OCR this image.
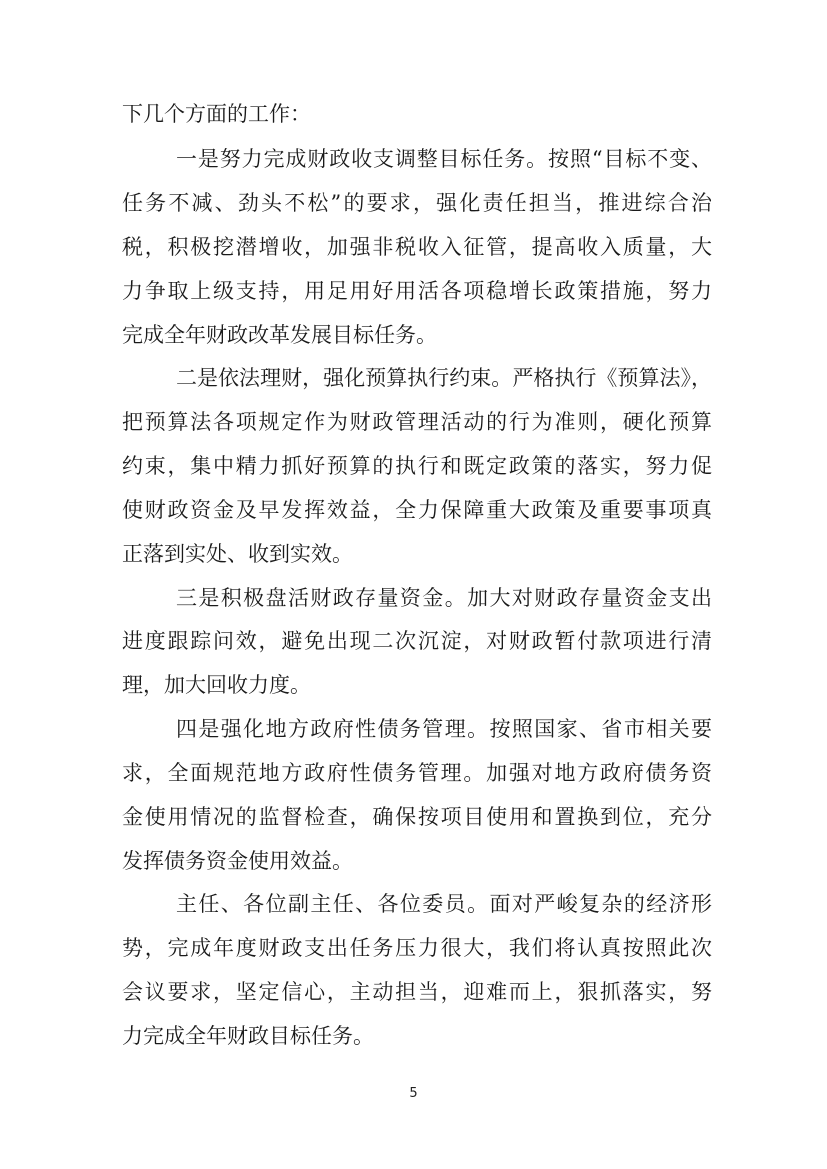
下几个方面的工作：
一是努力完成财政收支调整目标任务。按照“目标不变、
任务不减、劲头不松”的要求，强化责任担当，推进综合治
税，积极挖潜增收，加强非税收入征管，提高收入质量，大
力争取上级支持，用足用好用活各项稳增长政策措施，努力
完成全年财政改革发展目标任务。
二是依法理财，强化预算执行约束。严格执行《预算法》，
把预算法各项规定作为财政管理活动的行为准则，硬化预算
约束，集中精力抓好预算的执行和既定政策的落实，努力促
使财政资金及早发挥效益，全力保障重大政策及重要事项真
正落到实处、收到实效。
三是积极盘活财政存量资金。加大对财政存量资金支出
进度跟踪问效，避免出现二次沉淀，对财政暂付款项进行清
理，加大回收力度。
四是强化地方政府性债务管理。按照国家、省市相关要
求，全面规范地方政府性债务管理。加强对地方政府债务资
金使用情况的监督检查，确保按项目使用和置换到位，充分
发挥债务资金使用效益。
主任、各位副主任、各位委员。面对严峻复杂的经济形
势，完成年度财政支出任务压力很大，我们将认真按照此次
会议要求，坚定信心，主动担当，迎难而上，狠抓落实，努
力完成全年财政目标任务。
5
